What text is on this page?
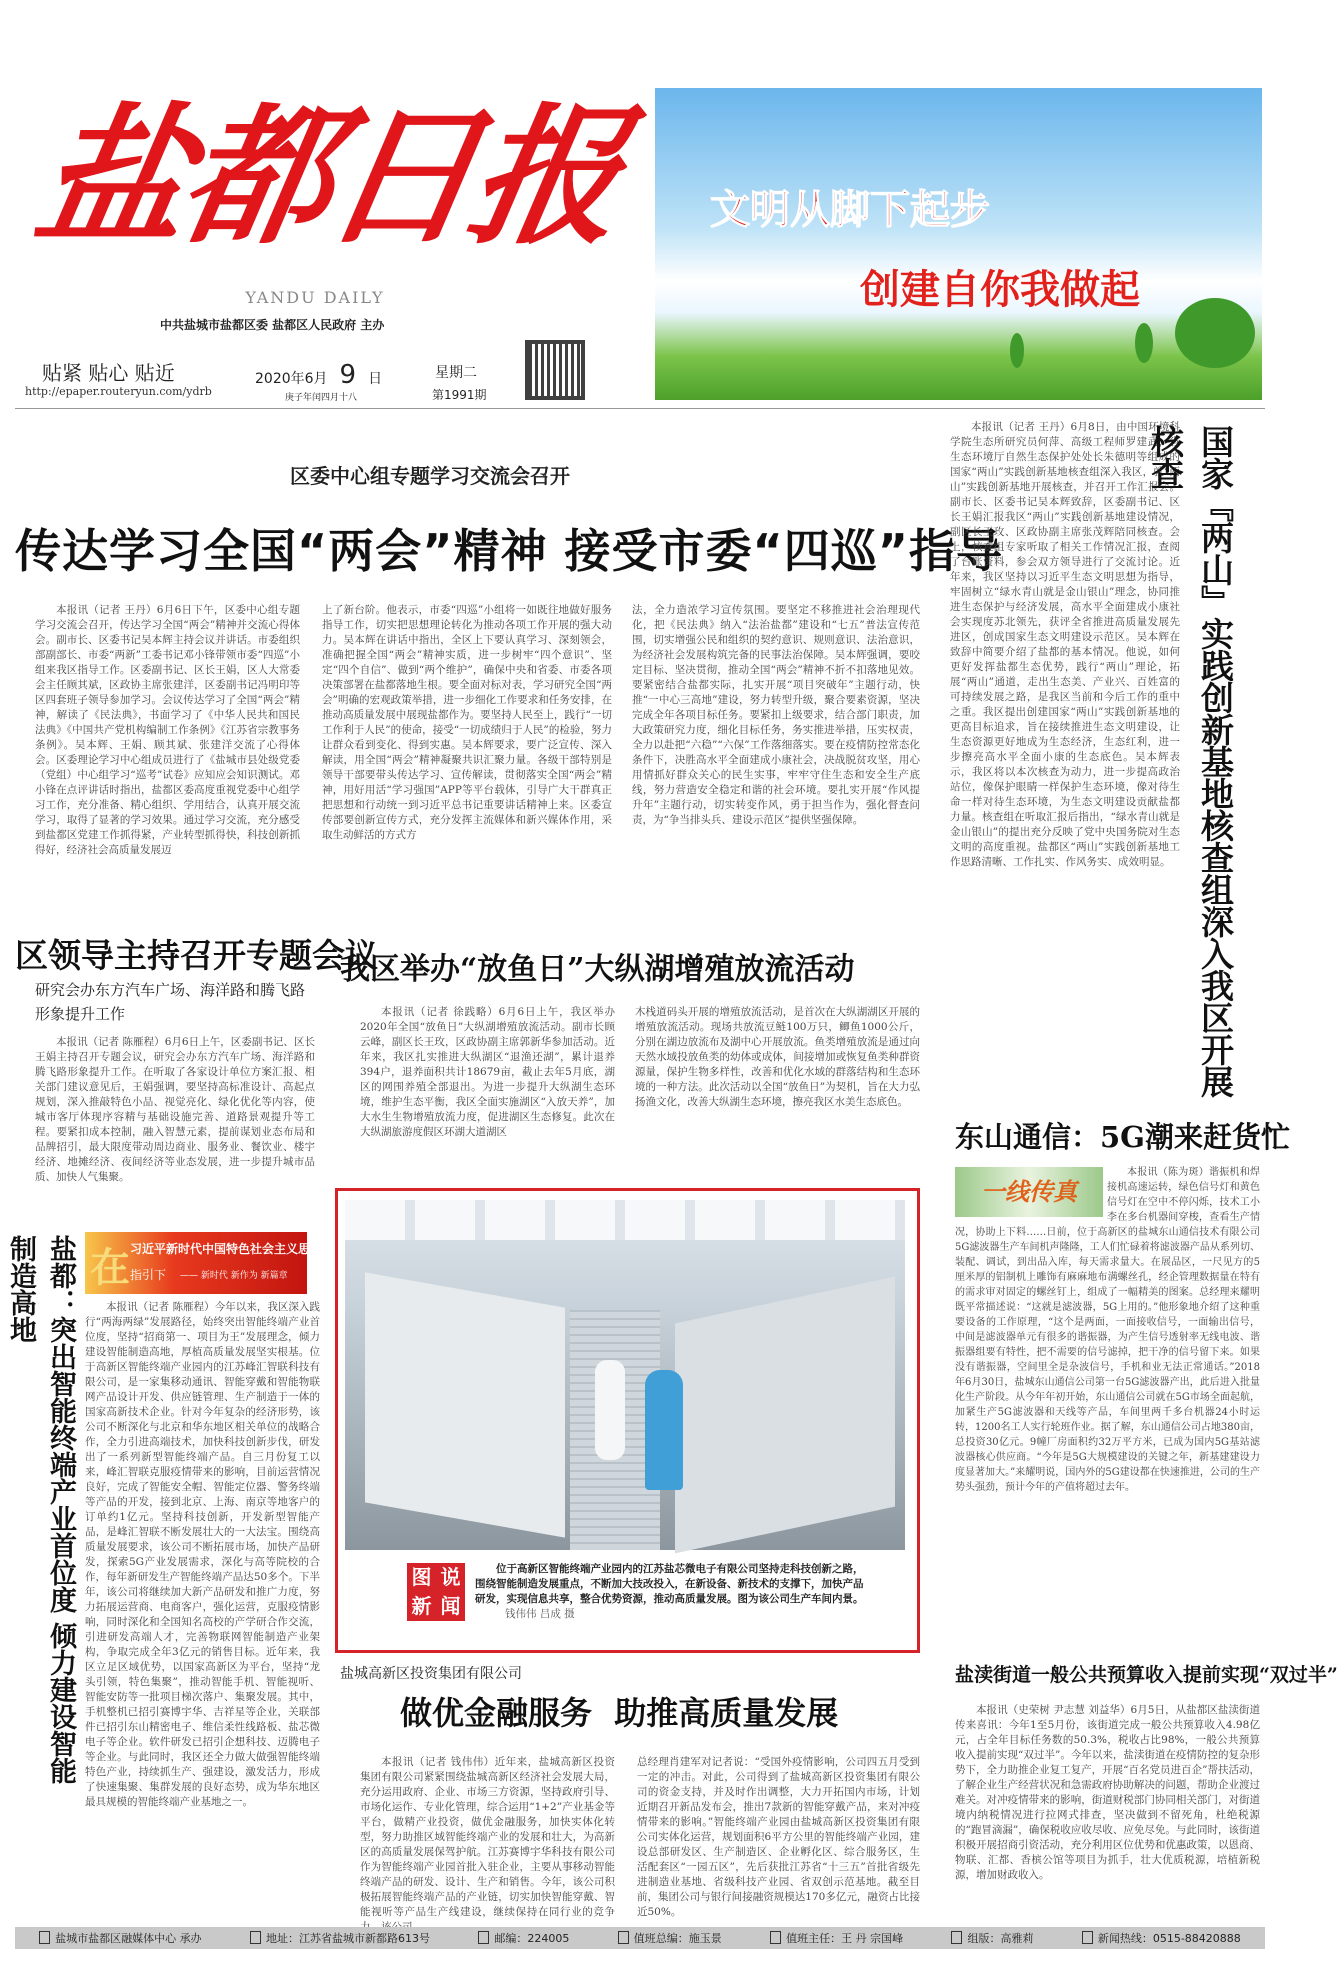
盐都日报
YANDU DAILY
中共盐城市盐都区委 盐都区人民政府 主办
贴紧 贴心 贴近
http://epaper.routeryun.com/ydrb
2020年6月 9 日
庚子年闰四月十八
星期二
第1991期
文明从脚下起步
创建自你我做起
区委中心组专题学习交流会召开
传达学习全国“两会”精神 接受市委“四巡”指导

本报讯（记者 王丹）6月6日下午，区委中心组专题学习交流会召开，传达学习全国“两会”精神并交流心得体会。副市长、区委书记吴本辉主持会议并讲话。市委组织部副部长、市委“两新”工委书记邓小锋带领市委“四巡”小组来我区指导工作。区委副书记、区长王娟，区人大常委会主任顾其斌，区政协主席张建洋，区委副书记冯明印等区四套班子领导参加学习。会议传达学习了全国“两会”精神，解读了《民法典》，书面学习了《中华人民共和国民法典》《中国共产党机构编制工作条例》《江苏省宗教事务条例》。吴本辉、王娟、顾其斌、张建洋交流了心得体会。区委理论学习中心组成员进行了《盐城市县处级党委（党组）中心组学习“巡考”试卷》应知应会知识测试。邓小锋在点评讲话时指出，盐都区委高度重视党委中心组学习工作，充分准备、精心组织、学用结合，认真开展交流学习，取得了显著的学习效果。通过学习交流，充分感受到盐都区党建工作抓得紧，产业转型抓得快，科技创新抓得好，经济社会高质量发展迈

上了新台阶。他表示，市委“四巡”小组将一如既往地做好服务指导工作，切实把思想理论转化为推动各项工作开展的强大动力。吴本辉在讲话中指出，全区上下要认真学习、深刻领会，准确把握全国“两会”精神实质，进一步树牢“四个意识”、坚定“四个自信”、做到“两个维护”，确保中央和省委、市委各项决策部署在盐都落地生根。要全面对标对表，学习研究全国“两会”明确的宏观政策举措，进一步细化工作要求和任务安排，在推动高质量发展中展现盐都作为。要坚持人民至上，践行“一切工作利于人民”的使命，接受“一切成绩归于人民”的检验，努力让群众看到变化、得到实惠。吴本辉要求，要广泛宣传、深入解读，用全国“两会”精神凝聚共识汇聚力量。各级干部特别是领导干部要带头传达学习、宣传解读，贯彻落实全国“两会”精神，用好用活“学习强国”APP等平台载体，引导广大干群真正把思想和行动统一到习近平总书记重要讲话精神上来。区委宣传部要创新宣传方式，充分发挥主流媒体和新兴媒体作用，采取生动鲜活的方式方

法，全力造浓学习宣传氛围。要坚定不移推进社会治理现代化，把《民法典》纳入“法治盐都”建设和“七五”普法宣传范围，切实增强公民和组织的契约意识、规则意识、法治意识，为经济社会发展构筑完备的民事法治保障。吴本辉强调，要咬定目标、坚决贯彻，推动全国“两会”精神不折不扣落地见效。要紧密结合盐都实际，扎实开展“项目突破年”主题行动，快推“一中心三高地”建设，努力转型升级，聚合要素资源，坚决完成全年各项目标任务。要紧扣上级要求，结合部门职责，加大政策研究力度，细化目标任务，务实推进举措，压实权责，全力以赴把“六稳”“六保”工作落细落实。要在疫情防控常态化条件下，决胜高水平全面建成小康社会，决战脱贫攻坚，用心用情抓好群众关心的民生实事，牢牢守住生态和安全生产底线，努力营造安全稳定和谐的社会环境。要扎实开展“作风提升年”主题行动，切实转变作风，勇于担当作为，强化督查问责，为“争当排头兵、建设示范区”提供坚强保障。

本报讯（记者 王丹）6月8日，由中国环境科学院生态所研究员何萍、高级工程师罗建武，省生态环境厅自然生态保护处处长朱德明等组成的国家“两山”实践创新基地核查组深入我区，就“两山”实践创新基地开展核查，并召开工作汇报会。副市长、区委书记吴本辉致辞，区委副书记、区长王娟汇报我区“两山”实践创新基地建设情况，副区长王玫、区政协副主席张茂辉陪同核查。会上，核查组专家听取了相关工作情况汇报，查阅了台账资料，参会双方领导进行了交流讨论。近年来，我区坚持以习近平生态文明思想为指导，牢固树立“绿水青山就是金山银山”理念，协同推进生态保护与经济发展，高水平全面建成小康社会实现度苏北领先，获评全省推进高质量发展先进区，创成国家生态文明建设示范区。吴本辉在致辞中简要介绍了盐都的基本情况。他说，如何更好发挥盐都生态优势，践行“两山”理论，拓展“两山”通道，走出生态美、产业兴、百姓富的可持续发展之路，是我区当前和今后工作的重中之重。我区提出创建国家“两山”实践创新基地的更高目标追求，旨在接续推进生态文明建设，让生态资源更好地成为生态经济，生态红利，进一步擦亮高水平全面小康的生态底色。吴本辉表示，我区将以本次核查为动力，进一步提高政治站位，像保护眼睛一样保护生态环境，像对待生命一样对待生态环境，为生态文明建设贡献盐都力量。核查组在听取汇报后指出，“绿水青山就是金山银山”的提出充分反映了党中央国务院对生态文明的高度重视。盐都区“两山”实践创新基地工作思路清晰、工作扎实、作风务实、成效明显。 国家『两山』实践创新基地核查组深入我区开展核查
区领导主持召开专题会议
研究会办东方汽车广场、海洋路和腾飞路形象提升工作

本报讯（记者 陈雁程）6月6日上午，区委副书记、区长王娟主持召开专题会议，研究会办东方汽车广场、海洋路和腾飞路形象提升工作。在听取了各家设计单位方案汇报、相关部门建议意见后，王娟强调，要坚持高标准设计、高起点规划，深入推敲特色小品、视觉亮化、绿化优化等内容，使城市客厅体现序容精与基础设施完善、道路景观提升等工程。要紧扣成本控制，融入智慧元素，提前谋划业态布局和品牌招引，最大限度带动周边商业、服务业、餐饮业、楼宇经济、地摊经济、夜间经济等业态发展，进一步提升城市品质、加快人气集聚。

我区举办“放鱼日”大纵湖增殖放流活动

本报讯（记者 徐践略）6月6日上午，我区举办2020年全国“放鱼日”大纵湖增殖放流活动。副市长顾云峰，副区长王玫，区政协副主席郭新华参加活动。近年来，我区扎实推进大纵湖区“退渔还湖”，累计退养394户，退养面积共计18679亩，截止去年5月底，湖区的网围养殖全部退出。为进一步提升大纵湖生态环境，维护生态平衡，我区全面实施湖区“入放天养”，加大水生生物增殖放流力度，促进湖区生态修复。此次在大纵湖旅游度假区环湖大道湖区

木栈道码头开展的增殖放流活动，是首次在大纵湖湖区开展的增殖放流活动。现场共放流豆鲢100万只，鲫鱼1000公斤，分别在湖边放流布及湖中心开展放流。鱼类增殖放流是通过向天然水域投放鱼类的幼体或成体，间接增加或恢复鱼类种群资源量，保护生物多样性，改善和优化水域的群落结构和生态环境的一种方法。此次活动以全国“放鱼日”为契机，旨在大力弘扬渔文化，改善大纵湖生态环境，擦亮我区水美生态底色。

东山通信：5G潮来赶货忙
一线传真

本报讯（陈为斑）谐振机和焊接机高速运转，绿色信号灯和黄色信号灯在空中不停闪烁，技术工小李在多台机器间穿梭，查看生产情况，协助上下料……日前，位于高新区的盐城东山通信技术有限公司5G滤波器生产车间机声隆隆，工人们忙碌着将滤波器产品从系列切、装配、调试，到出品入库，每天需求量大。在展品区，一尺见方的5厘米厚的铝制机上雕饰有麻麻地布满螺丝孔，经企管理数据量在特有的需求审对固定的螺丝钉上，组成了一幅精美的图案。总经理来耀明既平常描述说：“这就是滤波器，5G上用的。”他形象地介绍了这种重要设备的工作原理，“这个是两面，一面接收信号，一面输出信号，中间是滤波器单元有很多的谐振器，为产生信号透射率无线电波、谐振器组要有特性，把不需要的信号滤掉，把干净的信号留下来。如果没有谐振器，空间里全是杂波信号，手机和业无法正常通话。”2018年6月30日，盐城东山通信公司第一台5G滤波器产出，此后进入批量化生产阶段。从今年年初开始，东山通信公司就在5G市场全面起航，加紧生产5G滤波器和天线等产品，车间里两千多台机器24小时运转，1200名工人实行轮班作业。据了解，东山通信公司占地380亩，总投资30亿元。9幢厂房面积约32万平方米，已成为国内5G基站滤波器核心供应商。“今年是5G大规模建设的关键之年，新基建建设力度显著加大。”来耀明说，国内外的5G建设都在快速推进，公司的生产势头强劲，预计今年的产值将超过去年。

盐都：突出智能终端产业首位度 倾力建设智能制造高地	在 习近平新时代中国特色社会主义思想
指引下 —— 新时代 新作为 新篇章

本报讯（记者 陈雁程）今年以来，我区深入践行“两海两绿”发展路径，始终突出智能终端产业首位度，坚持“招商第一、项目为王”发展理念，倾力建设智能制造高地，厚植高质量发展坚实根基。位于高新区智能终端产业园内的江苏峰汇智联科技有限公司，是一家集移动通讯、智能穿戴和智能物联网产品设计开发、供应链管理、生产制造于一体的国家高新技术企业。针对今年复杂的经济形势，该公司不断深化与北京和华东地区相关单位的战略合作，全力引进高端技术，加快科技创新步伐，研发出了一系列新型智能终端产品。自三月份复工以来，峰汇智联克服疫情带来的影响，目前运营情况良好，完成了智能安全帽、智能定位器、警务终端等产品的开发，接到北京、上海、南京等地客户的订单约1亿元。坚持科技创新，开发新型智能产品，是峰汇智联不断发展壮大的一大法宝。围绕高质量发展要求，该公司不断拓展市场，加快产品研发，探索5G产业发展需求，深化与高等院校的合作，每年新研发生产智能终端产品达50多个。下半年，该公司将继续加大新产品研发和推广力度，努力拓展运营商、电商客户，强化运营，克服疫情影响，同时深化和全国知名高校的产学研合作交流，引进研发高端人才，完善物联网智能制造产业架构，争取完成全年3亿元的销售目标。近年来，我区立足区域优势，以国家高新区为平台，坚持“龙头引领，特色集聚”，推动智能手机、智能视听、智能安防等一批项目梯次落户、集聚发展。其中，手机整机已招引赛博宇华、吉祥星等企业，关联部件已招引东山精密电子、维信柔性线路板、盐芯微电子等企业。软件研发已招引企想科技、迈腾电子等企业。与此同时，我区还全力做大做强智能终端特色产业，持续抓生产、强建设，激发活力，形成了快速集聚、集群发展的良好态势，成为华东地区最具规模的智能终端产业基地之一。

图 说
新 闻
位于高新区智能终端产业园内的江苏盐芯微电子有限公司坚持走科技创新之路，围绕智能制造发展重点，不断加大技改投入，在新设备、新技术的支撑下，加快产品研发，实现信息共享，整合优势资源，推动高质量发展。图为该公司生产车间内景。钱伟伟 吕成 摄
盐城高新区投资集团有限公司
做优金融服务  助推高质量发展

本报讯（记者 钱伟伟）近年来，盐城高新区投资集团有限公司紧紧围绕盐城高新区经济社会发展大局，充分运用政府、企业、市场三方资源，坚持政府引导、市场化运作、专业化管理，综合运用“1+2”产业基金等平台，做精产业投资，做优金融服务，加快实体化转型，努力助推区域智能终端产业的发展和壮大，为高新区的高质量发展保驾护航。江苏赛博宇华科技有限公司作为智能终端产业园首批入驻企业，主要从事移动智能终端产品的研发、设计、生产和销售。今年，该公司积极拓展智能终端产品的产业链，切实加快智能穿戴、智能视听等产品生产线建设，继续保持在同行业的竞争

总经理肖建军对记者说：“受国外疫情影响，公司四五月受到一定的冲击。对此，公司得到了盐城高新区投资集团有限公司的资金支持，并及时作出调整，大力开拓国内市场，计划近期召开新品发布会，推出7款新的智能穿戴产品，来对冲疫情带来的影响。”智能终端产业园由盐城高新区投资集团有限公司实体化运营，规划面积6平方公里的智能终端产业园，建设总部研发区、生产制造区、企业孵化区、综合服务区，生活配套区“一园五区”，先后获批江苏省“十三五”首批省级先进制造业基地、省级科技产业园、省双创示范基地。截至目前，集团公司与银行间接融资规模达170多亿元，融资占比接近50%。

盐渎街道一般公共预算收入提前实现“双过半”

本报讯（史荣树 尹志慧 刘益华）6月5日，从盐都区盐渎街道传来喜讯：今年1至5月份，该街道完成一般公共预算收入4.98亿元，占全年目标任务数的50.3%，税收占比98%，一般公共预算收入提前实现“双过半”。今年以来，盐渎街道在疫情防控的复杂形势下，全力助推企业复工复产，开展“百名党员进百企”帮扶活动，了解企业生产经营状况和急需政府协助解决的问题，帮助企业渡过难关。对冲疫情带来的影响，街道财税部门协同相关部门，对街道境内纳税情况进行拉网式排查，坚决做到不留死角，杜绝税源的“跑冒滴漏”，确保税收应收尽收、应免尽免。与此同时，该街道积极开展招商引资活动，充分利用区位优势和优惠政策，以恩商、物联、汇都、香槟公馆等项目为抓手，壮大优质税源，培植新税源，增加财政收入。

盐城市盐都区融媒体中心 承办	地址：江苏省盐城市新都路613号	邮编：224005	值班总编：施玉景	值班主任：王 丹 宗国峰	组版：高雅莉	新闻热线：0515-88420888
